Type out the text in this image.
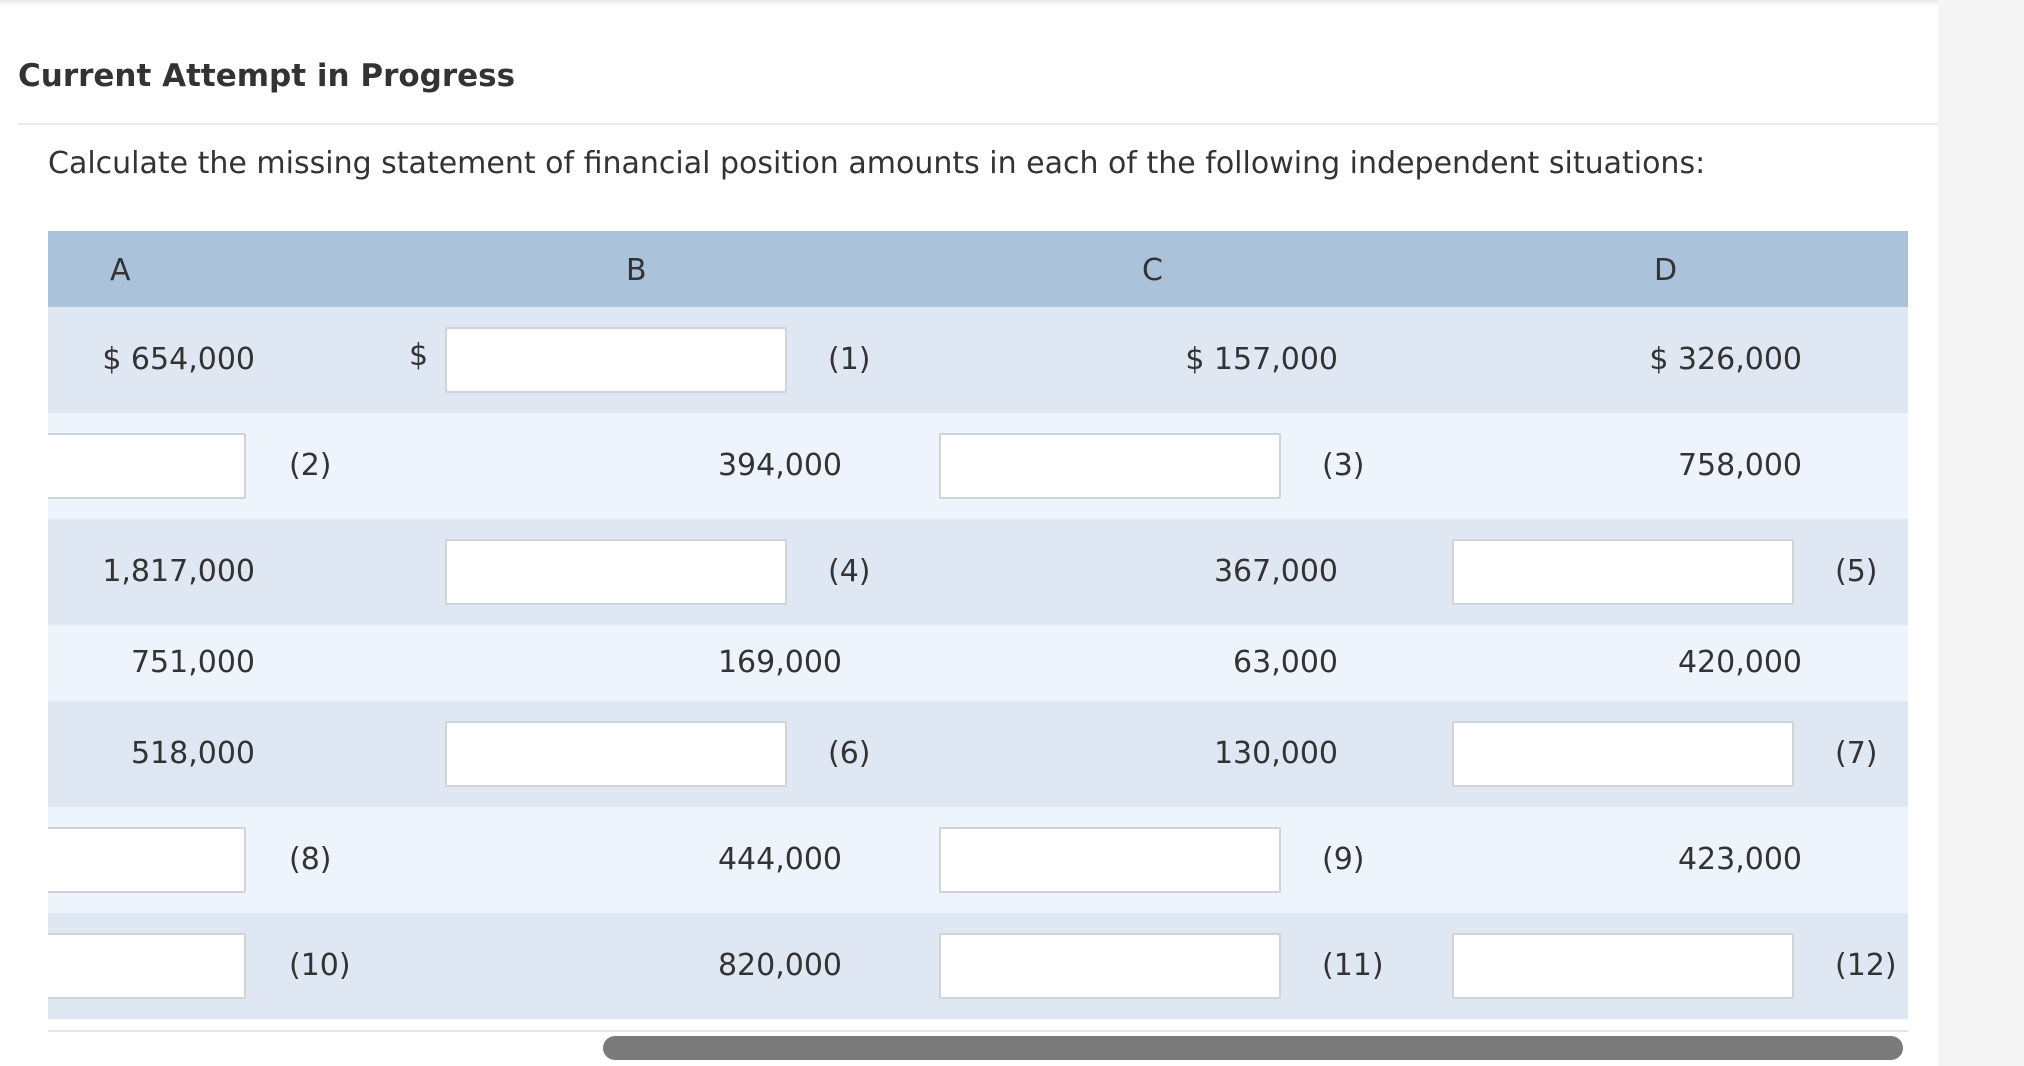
Current Attempt in Progress
Calculate the missing statement of financial position amounts in each of the following independent situations:
A	B	C	D
$ 654,000	$	(1)	$ 157,000	$ 326,000
(2)	394,000	(3)	758,000
1,817,000	(4)	367,000	(5)
751,000	169,000	63,000	420,000
518,000	(6)	130,000	(7)
(8)	444,000	(9)	423,000
(10)	820,000	(11)	(12)
